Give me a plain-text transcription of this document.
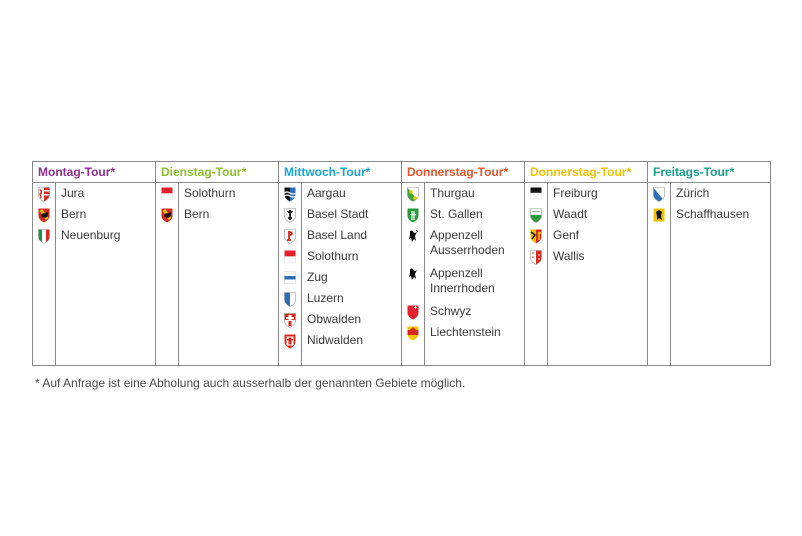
Montag-Tour*
Jura
Bern
Neuenburg
Dienstag-Tour*
Solothurn
Bern
Mittwoch-Tour*
Aargau
Basel Stadt
Basel Land
Solothurn
Zug
Luzern
Obwalden
Nidwalden
Donnerstag-Tour*
Thurgau
St. Gallen
Appenzell
Ausserrhoden
Appenzell
Innerrhoden
Schwyz
Liechtenstein
Donnerstag-Tour*
Freiburg
Waadt
Genf
Wallis
Freitags-Tour*
Zürich
Schaffhausen
* Auf Anfrage ist eine Abholung auch ausserhalb der genannten Gebiete möglich.
